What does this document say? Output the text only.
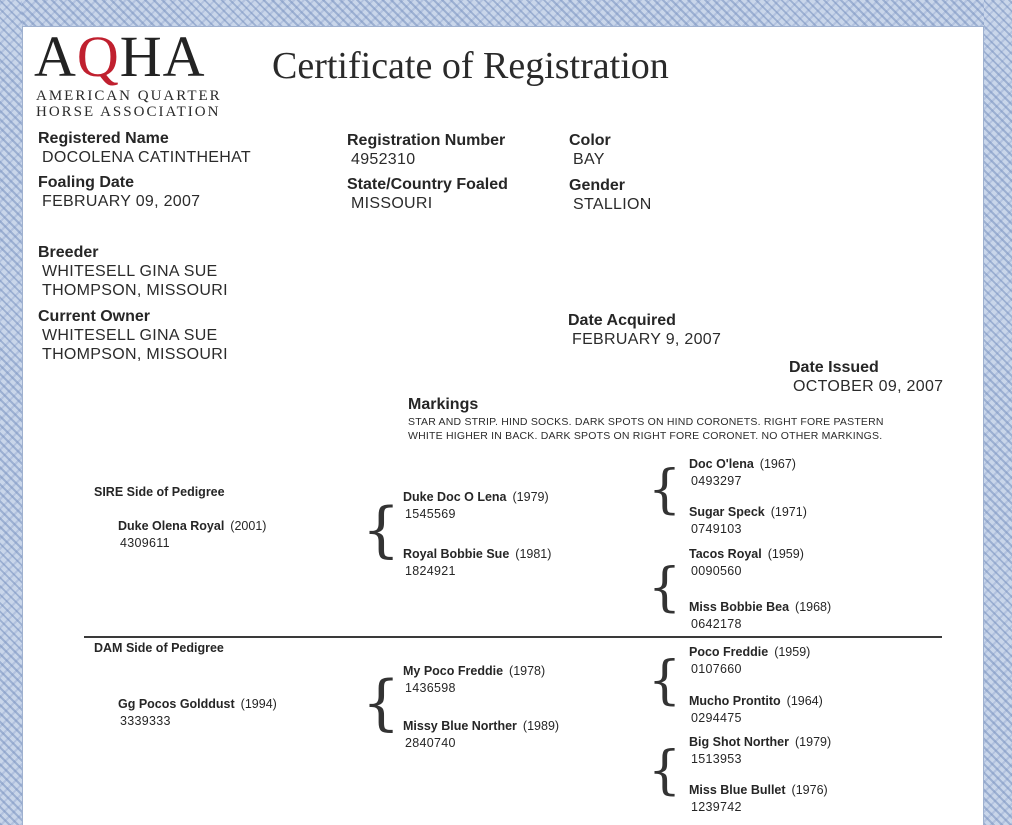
AQHA
AMERICAN QUARTER
HORSE ASSOCIATION
Certificate of Registration
Registered Name
DOCOLENA CATINTHEHAT
Registration Number
4952310
Color
BAY
Foaling Date
FEBRUARY 09, 2007
State/Country Foaled
MISSOURI
Gender
STALLION
Breeder
WHITESELL GINA SUE
THOMPSON, MISSOURI
Current Owner
WHITESELL GINA SUE
THOMPSON, MISSOURI
Date Acquired
FEBRUARY 9, 2007
Date Issued
OCTOBER 09, 2007
Markings
STAR AND STRIP. HIND SOCKS. DARK SPOTS ON HIND CORONETS. RIGHT FORE PASTERN
WHITE HIGHER IN BACK. DARK SPOTS ON RIGHT FORE CORONET. NO OTHER MARKINGS.
SIRE Side of Pedigree
Duke Olena Royal (2001)
4309611	{ Duke Doc O Lena (1979)
1545569
Royal Bobbie Sue (1981)
1824921
{
{
Doc O'lena (1967)
0493297
Sugar Speck (1971)
0749103
Tacos Royal (1959)
0090560
Miss Bobbie Bea (1968)
0642178
DAM Side of Pedigree
Gg Pocos Golddust (1994)
3339333	{ My Poco Freddie (1978)
1436598
Missy Blue Norther (1989)
2840740
{
{
Poco Freddie (1959)
0107660
Mucho Prontito (1964)
0294475
Big Shot Norther (1979)
1513953
Miss Blue Bullet (1976)
1239742
